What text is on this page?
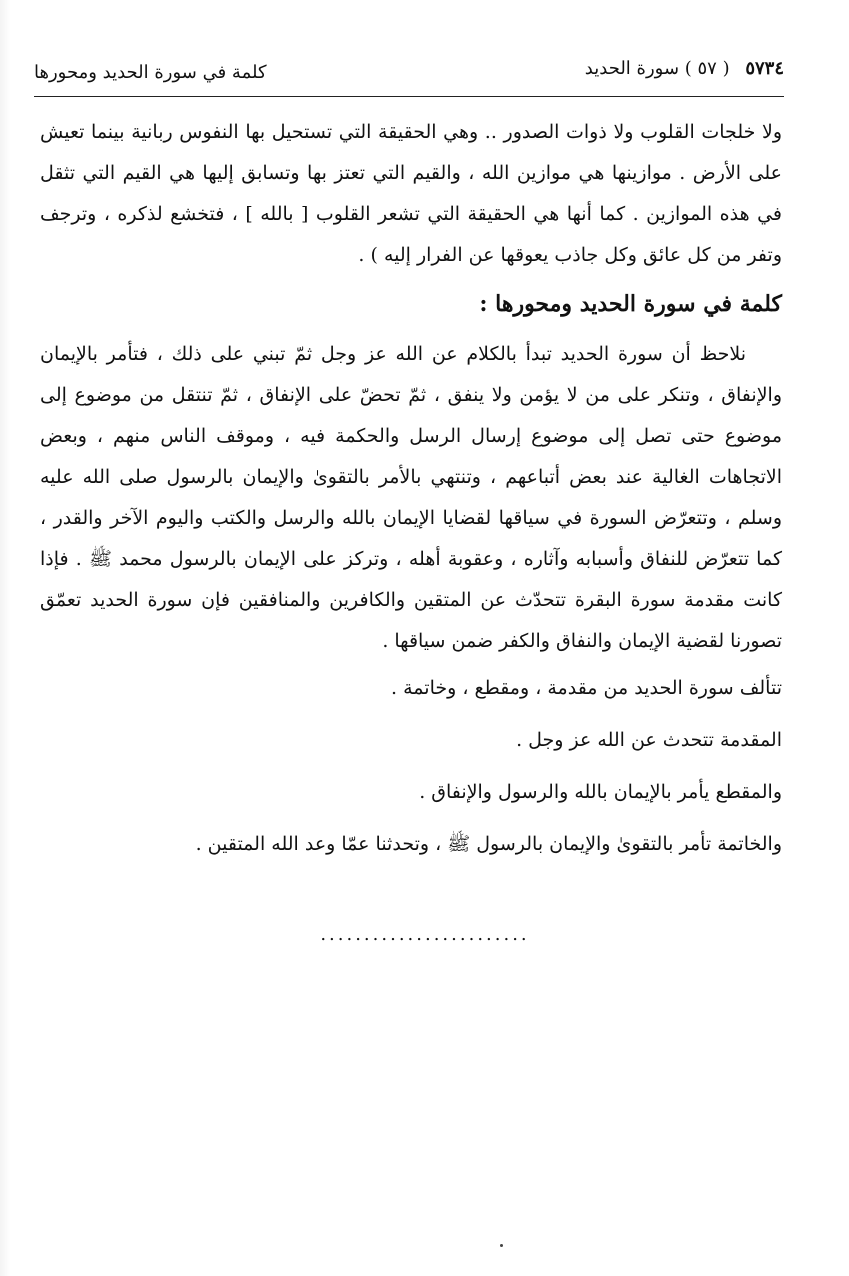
٥٧٣٤ ( ٥٧ ) سورة الحديد
كلمة في سورة الحديد ومحورها

ولا خلجات القلوب ولا ذوات الصدور .. وهي الحقيقة التي تستحيل بها النفوس ربانية بينما تعيش على الأرض . موازينها هي موازين الله ، والقيم التي تعتز بها وتسابق إليها هي القيم التي تثقل في هذه الموازين . كما أنها هي الحقيقة التي تشعر القلوب [ بالله ] ، فتخشع لذكره ، وترجف وتفر من كل عائق وكل جاذب يعوقها عن الفرار إليه ) .

كلمة في سورة الحديد ومحورها :

نلاحظ أن سورة الحديد تبدأ بالكلام عن الله عز وجل ثمّ تبني على ذلك ، فتأمر بالإيمان والإنفاق ، وتنكر على من لا يؤمن ولا ينفق ، ثمّ تحضّ على الإنفاق ، ثمّ تنتقل من موضوع إلى موضوع حتى تصل إلى موضوع إرسال الرسل والحكمة فيه ، وموقف الناس منهم ، وبعض الاتجاهات الغالية عند بعض أتباعهم ، وتنتهي بالأمر بالتقوىٰ والإيمان بالرسول صلى الله عليه وسلم ، وتتعرّض السورة في سياقها لقضايا الإيمان بالله والرسل والكتب واليوم الآخر والقدر ، كما تتعرّض للنفاق وأسبابه وآثاره ، وعقوبة أهله ، وتركز على الإيمان بالرسول محمد ﷺ . فإذا كانت مقدمة سورة البقرة تتحدّث عن المتقين والكافرين والمنافقين فإن سورة الحديد تعمّق تصورنا لقضية الإيمان والنفاق والكفر ضمن سياقها .

تتألف سورة الحديد من مقدمة ، ومقطع ، وخاتمة .

المقدمة تتحدث عن الله عز وجل .

والمقطع يأمر بالإيمان بالله والرسول والإنفاق .

والخاتمة تأمر بالتقوىٰ والإيمان بالرسول ﷺ ، وتحدثنا عمّا وعد الله المتقين .

........................
